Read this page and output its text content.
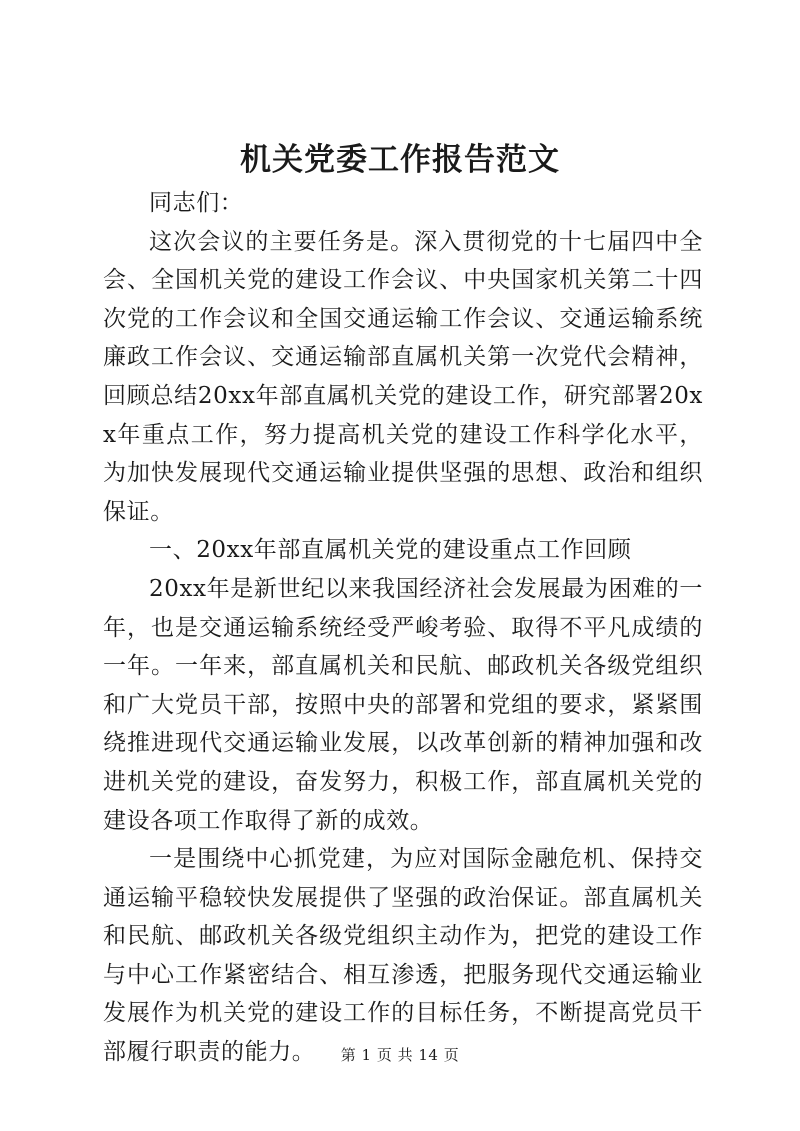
机关党委工作报告范文

同志们：

这次会议的主要任务是。深入贯彻党的十七届四中全会、全国机关党的建设工作会议、中央国家机关第二十四次党的工作会议和全国交通运输工作会议、交通运输系统廉政工作会议、交通运输部直属机关第一次党代会精神，回顾总结20xx年部直属机关党的建设工作，研究部署20xx年重点工作，努力提高机关党的建设工作科学化水平，为加快发展现代交通运输业提供坚强的思想、政治和组织保证。

一、20xx年部直属机关党的建设重点工作回顾

20xx年是新世纪以来我国经济社会发展最为困难的一年，也是交通运输系统经受严峻考验、取得不平凡成绩的一年。一年来，部直属机关和民航、邮政机关各级党组织和广大党员干部，按照中央的部署和党组的要求，紧紧围绕推进现代交通运输业发展，以改革创新的精神加强和改进机关党的建设，奋发努力，积极工作，部直属机关党的建设各项工作取得了新的成效。

一是围绕中心抓党建，为应对国际金融危机、保持交通运输平稳较快发展提供了坚强的政治保证。部直属机关和民航、邮政机关各级党组织主动作为，把党的建设工作与中心工作紧密结合、相互渗透，把服务现代交通运输业发展作为机关党的建设工作的目标任务，不断提高党员干部履行职责的能力。	第 1 页 共 14 页
